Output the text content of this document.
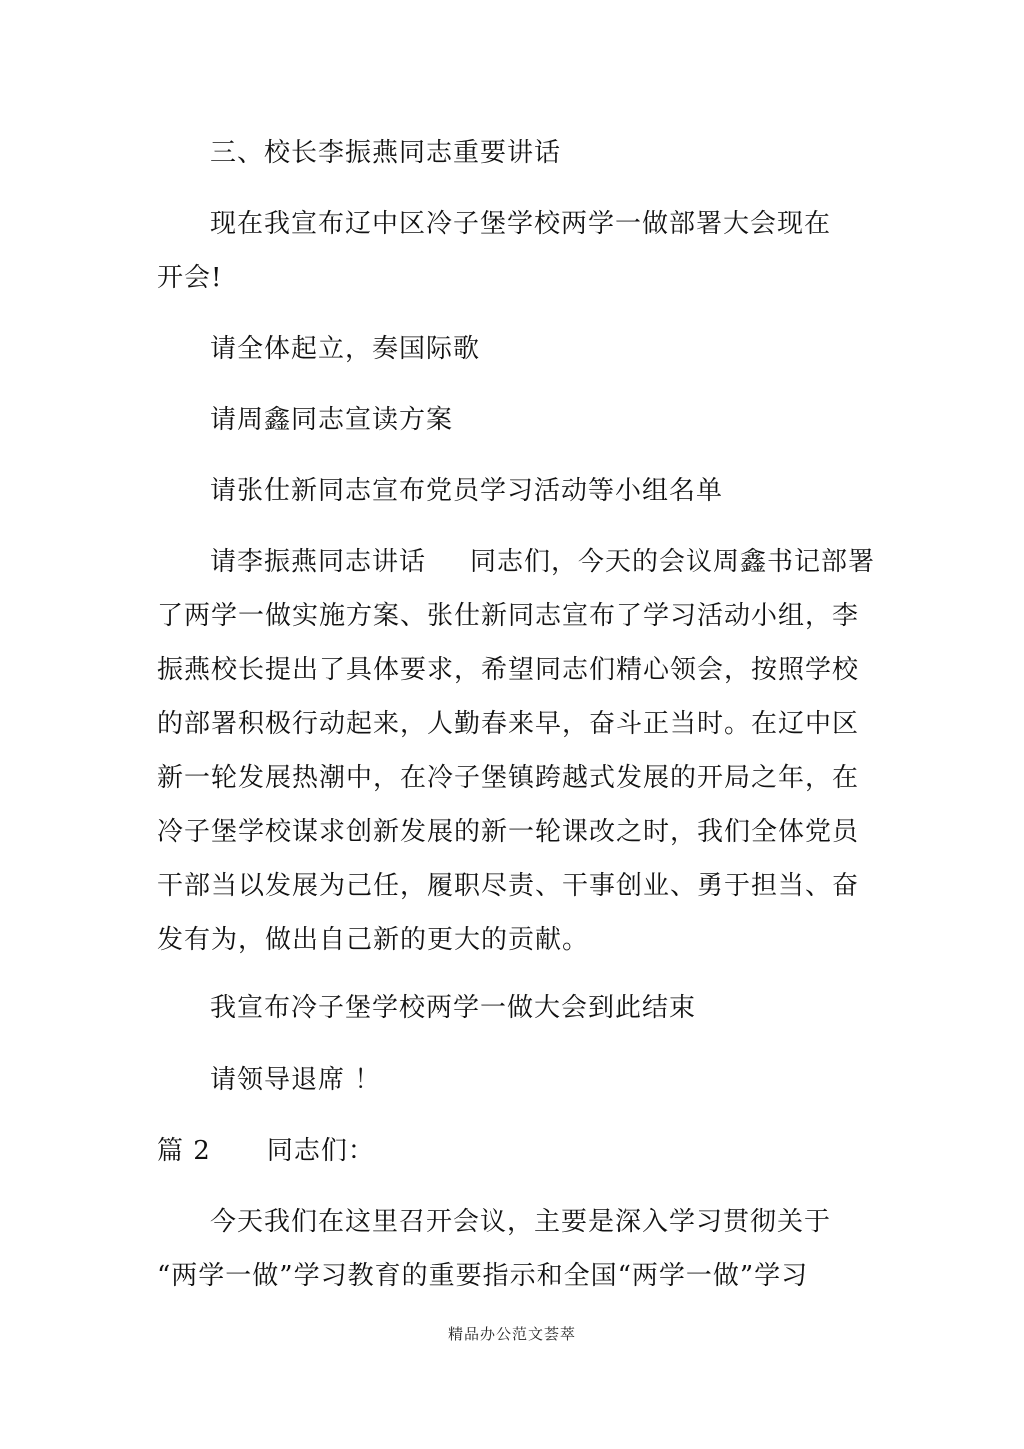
三、校长李振燕同志重要讲话
现在我宣布辽中区冷子堡学校两学一做部署大会现在
开会!
请全体起立，奏国际歌
请周鑫同志宣读方案
请张仕新同志宣布党员学习活动等小组名单
请李振燕同志讲话 同志们，今天的会议周鑫书记部署
了两学一做实施方案、张仕新同志宣布了学习活动小组，李
振燕校长提出了具体要求，希望同志们精心领会，按照学校
的部署积极行动起来，人勤春来早，奋斗正当时。在辽中区
新一轮发展热潮中，在冷子堡镇跨越式发展的开局之年，在
冷子堡学校谋求创新发展的新一轮课改之时，我们全体党员
干部当以发展为己任，履职尽责、干事创业、勇于担当、奋
发有为，做出自己新的更大的贡献。
我宣布冷子堡学校两学一做大会到此结束
请领导退席 ！
篇 2 同志们：
今天我们在这里召开会议，主要是深入学习贯彻关于
“两学一做”学习教育的重要指示和全国“两学一做”学习
精品办公范文荟萃
